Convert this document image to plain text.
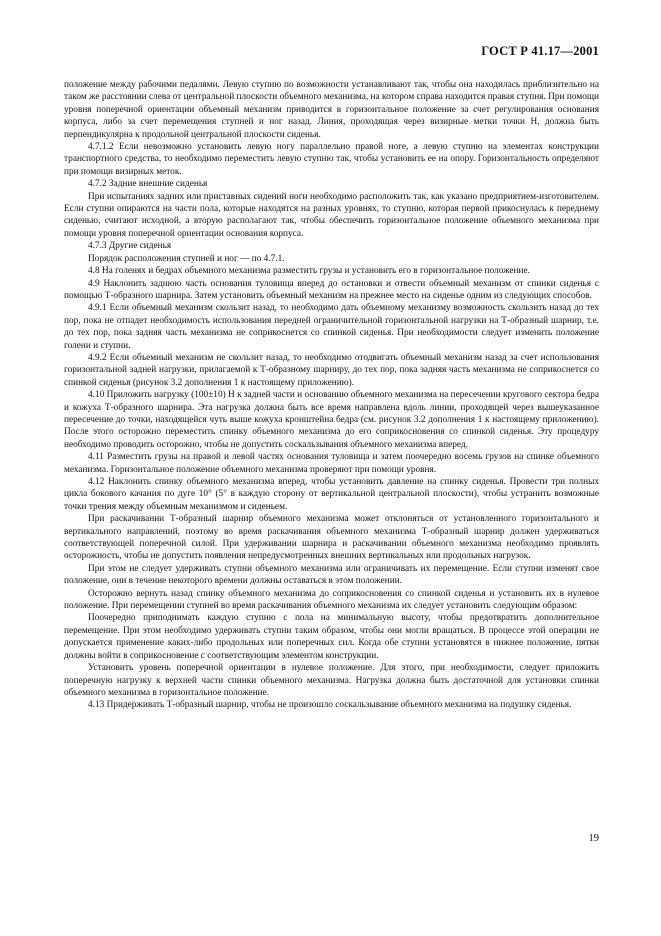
ГОСТ Р 41.17—2001

положение между рабочими педалями. Левую ступню по возможности устанавливают так, чтобы она находилась приблизительно на таком же расстоянии слева от центральной плоскости объемного механизма, на котором справа находится правая ступня. При помощи уровня поперечной ориентации объемный механизм приводится в горизонтальное положение за счет регулирования основания корпуса, либо за счет перемещения ступней и ног назад. Линия, проходящая через визирные метки точки H, должна быть перпендикулярна к продольной центральной плоскости сиденья.

4.7.1.2 Если невозможно установить левую ногу параллельно правой ноге, а левую ступню на элементах конструкции транспортного средства, то необходимо переместить левую ступню так, чтобы установить ее на опору. Горизонтальность определяют при помощи визирных меток.

4.7.2 Задние внешние сиденья

При испытаниях задних или приставных сидений ноги необходимо расположить так, как указано предприятием-изготовителем. Если ступни опираются на части пола, которые находятся на разных уровнях, то ступню, которая первой прикоснулась к переднему сиденью, считают исходной, а вторую располагают так, чтобы обеспечить горизонтальное положение объемного механизма при помощи уровня поперечной ориентации основания корпуса.

4.7.3 Другие сиденья

Порядок расположения ступней и ног — по 4.7.1.

4.8 На голенях и бедрах объемного механизма разместить грузы и установить его в горизонтальное положение.

4.9 Наклонить заднюю часть основания туловища вперед до остановки и отвести объемный механизм от спинки сиденья с помощью Т-образного шарнира. Затем установить объемный механизм на прежнее место на сиденье одним из следующих способов.

4.9.1 Если объемный механизм скользит назад, то необходимо дать объемному механизму возможность скользить назад до тех пор, пока не отпадет необходимость использования передней ограничительной горизонтальной нагрузки на Т-образный шарнир, т.е. до тех пор, пока задняя часть механизма не соприкоснется со спинкой сиденья. При необходимости следует изменить положение голени и ступни.

4.9.2 Если объемный механизм не скользит назад, то необходимо отодвигать объемный механизм назад за счет использования горизонтальной задней нагрузки, прилагаемой к Т-образному шарниру, до тех пор, пока задняя часть механизма не соприкоснется со спинкой сиденья (рисунок 3.2 дополнения 1 к настоящему приложению).

4.10 Приложить нагрузку (100±10) Н к задней части и основанию объемного механизма на пересечении кругового сектора бедра и кожуха Т-образного шарнира. Эта нагрузка должна быть все время направлена вдоль линии, проходящей через вышеуказанное пересечение до точки, находящейся чуть выше кожуха кронштейна бедра (см. рисунок 3.2 дополнения 1 к настоящему приложению). После этого осторожно переместить спинку объемного механизма до его соприкосновения со спинкой сиденья. Эту процедуру необходимо проводить осторожно, чтобы не допустить соскальзывания объемного механизма вперед.

4.11 Разместить грузы на правой и левой частях основания туловища и затем поочередно восемь грузов на спинке объемного механизма. Горизонтальное положение объемного механизма проверяют при помощи уровня.

4.12 Наклонить спинку объемного механизма вперед, чтобы установить давление на спинку сиденья. Провести три полных цикла бокового качания по дуге 10° (5° в каждую сторону от вертикальной центральной плоскости), чтобы устранить возможные точки трения между объемным механизмом и сиденьем.

При раскачивании Т-образный шарнир объемного механизма может отклоняться от установленного горизонтального и вертикального направлений, поэтому во время раскачивания объемного механизма Т-образный шарнир должен удерживаться соответствующей поперечной силой. При удерживании шарнира и раскачивании объемного механизма необходимо проявлять осторожность, чтобы не допустить появления непредусмотренных внешних вертикальных или продольных нагрузок.

При этом не следует удерживать ступни объемного механизма или ограничивать их перемещение. Если ступни изменят свое положение, они в течение некоторого времени должны оставаться в этом положении.

Осторожно вернуть назад спинку объемного механизма до соприкосновения со спинкой сиденья и установить их в нулевое положение. При перемещении ступней во время раскачивания объемного механизма их следует установить следующим образом:

Поочередно приподнимать каждую ступню с пола на минимальную высоту, чтобы предотвратить дополнительное перемещение. При этом необходимо удерживать ступни таким образом, чтобы они могли вращаться. В процессе этой операции не допускается применение каких-либо продольных или поперечных сил. Когда обе ступни установятся в нижнее положение, пятки должны войти в соприкосновение с соответствующим элементом конструкции.

Установить уровень поперечной ориентации в нулевое положение. Для этого, при необходимости, следует приложить поперечную нагрузку к верхней части спинки объемного механизма. Нагрузка должна быть достаточной для установки спинки объемного механизма в горизонтальное положение.

4.13 Придерживать Т-образный шарнир, чтобы не произошло соскальзывание объемного механизма на подушку сиденья.

19
